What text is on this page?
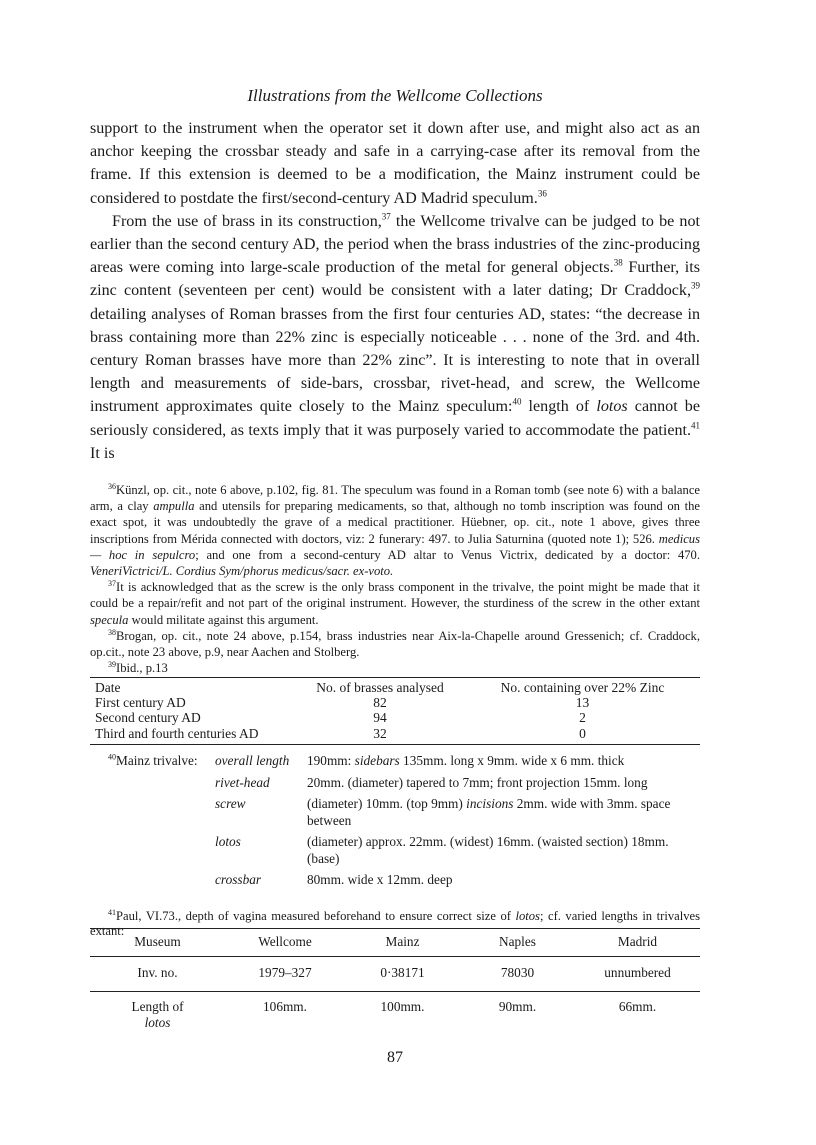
Illustrations from the Wellcome Collections

support to the instrument when the operator set it down after use, and might also act as an anchor keeping the crossbar steady and safe in a carrying-case after its removal from the frame. If this extension is deemed to be a modification, the Mainz instrument could be considered to postdate the first/second-century AD Madrid speculum.$^{36}$

From the use of brass in its construction,$^{37}$ the Wellcome trivalve can be judged to be not earlier than the second century AD, the period when the brass industries of the zinc-producing areas were coming into large-scale production of the metal for general objects.$^{38}$ Further, its zinc content (seventeen per cent) would be consistent with a later dating; Dr Craddock,$^{39}$ detailing analyses of Roman brasses from the first four centuries AD, states: “the decrease in brass containing more than 22% zinc is especially noticeable . . . none of the 3rd. and 4th. century Roman brasses have more than 22% zinc”. It is interesting to note that in overall length and measurements of side-bars, crossbar, rivet-head, and screw, the Wellcome instrument approximates quite closely to the Mainz speculum:$^{40}$ length of lotos cannot be seriously considered, as texts imply that it was purposely varied to accommodate the patient.$^{41}$ It is

$^{36}$Künzl, op. cit., note 6 above, p.102, fig. 81. The speculum was found in a Roman tomb (see note 6) with a balance arm, a clay ampulla and utensils for preparing medicaments, so that, although no tomb inscription was found on the exact spot, it was undoubtedly the grave of a medical practitioner. Hüebner, op. cit., note 1 above, gives three inscriptions from Mérida connected with doctors, viz: 2 funerary: 497. to Julia Saturnina (quoted note 1); 526. medicus — hoc in sepulcro; and one from a second-century AD altar to Venus Victrix, dedicated by a doctor: 470. VeneriVictrici/L. Cordius Sym/phorus medicus/sacr. ex-voto.

$^{37}$It is acknowledged that as the screw is the only brass component in the trivalve, the point might be made that it could be a repair/refit and not part of the original instrument. However, the sturdiness of the screw in the other extant specula would militate against this argument.

$^{38}$Brogan, op. cit., note 24 above, p.154, brass industries near Aix-la-Chapelle around Gressenich; cf. Craddock, op.cit., note 23 above, p.9, near Aachen and Stolberg.

$^{39}$Ibid., p.13

Date	No. of brasses analysed	No. containing over 22% Zinc
First century AD	82	13
Second century AD	94	2
Third and fourth centuries AD	32	0
$^{40}$Mainz trivalve:	overall length	190mm: sidebars 135mm. long x 9mm. wide x 6 mm. thick
rivet-head	20mm. (diameter) tapered to 7mm; front projection 15mm. long
screw	(diameter) 10mm. (top 9mm) incisions 2mm. wide with 3mm. space between
lotos	(diameter) approx. 22mm. (widest) 16mm. (waisted section) 18mm. (base)
crossbar	80mm. wide x 12mm. deep

$^{41}$Paul, VI.73., depth of vagina measured beforehand to ensure correct size of lotos; cf. varied lengths in trivalves extant:

Museum	Wellcome	Mainz	Naples	Madrid
Inv. no.	1979–327	0·38171	78030	unnumbered
Length of
lotos
106mm.	100mm.	90mm.	66mm.
87
